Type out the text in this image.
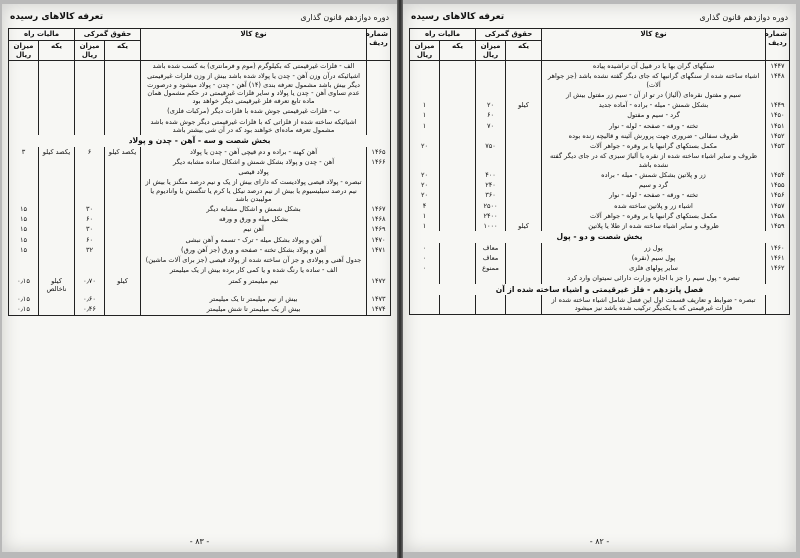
دوره دوازدهم قانون گذاری
تعرفه کالاهای رسیده
شماره ردیف	نوع کالا	حقوق گمرکی		مالیات راه	
		یکه	میزان ریال	یکه	میزان ریال
	الف - فلزات غیرقیمتی که بکیلوگرم (موم و فرمانتری) به کسب شده باشد				
	اشیائیکه درآن وزن آهن - چدن یا پولاد شده باشد بیش از وزن فلزات غیرقیمتی دیگر بیش باشد مشمول تعرفه بندی (۱۴) آهن - چدن - پولاد میشود و درصورت عدم تساوی آهن - چدن یا پولاد و سایر فلزات غیرقیمتی در حکم مشمول همان ماده تابع تعرفه فلز غیرقیمتی دیگر خواهد بود				
	ب - فلزات غیرقیمتی جوش شده با فلزات دیگر (مرکبات فلزی)				
	اشیائیکه ساخته شده از فلزاتی که با فلزات غیرقیمتی دیگر جوش شده باشد مشمول تعرفه ماده‌ای خواهند بود که در آن شی بیشتر باشد				
بخش شصت و سه - آهن - چدن و پولاد					
۱۴۶۵	آهن کهنه - براده و دم قیچی آهن - چدن یا پولاد	یکصد کیلو	۶	یکصد کیلو	۳
۱۴۶۶	آهن - چدن و پولاد بشکل شمش و اشکال ساده مشابه دیگر				
	پولاد قیصی				
	تبصره - پولاد قیصی پولادیست که دارای بیش از یک و نیم درصد منگنز یا بیش از نیم درصد سیلیسیوم یا بیش از نیم درصد نیکل یا کرم یا تنگستن یا وانادیوم یا مولیبدن باشد				
۱۴۶۷	بشکل شمش و اشکال مشابه دیگر		۳۰		۱۵
۱۴۶۸	بشکل میله و ورق و ورقه		۶۰		۱۵
۱۴۶۹	آهن نیم		۳۰		۱۵
۱۴۷۰	آهن و پولاد بشکل میله - ترک - تسمه و آهن نبشی		۶۰		۱۵
۱۴۷۱	آهن و پولاد بشکل تخته - صفحه و ورق (جز آهن ورق)		۳۲		۱۵
	جدول آهنی و پولادی و جز آن ساخته شده از پولاد قیصی (جز برای آلات ماشین)				
	الف - ساده یا رنگ شده و یا کمی کار برده بیش از یک میلیمتر				
۱۴۷۲	نیم میلیمتر و کمتر	کیلو	۰٫۷۰	کیلو ناخالص	۰٫۱۵
۱۴۷۳	بیش از نیم میلیمتر تا یک میلیمتر		۰٫۶۰		۰٫۱۵
۱۴۷۴	بیش از یک میلیمتر تا شش میلیمتر		۰٫۴۶		۰٫۱۵
- ۸۳ -
دوره دوازدهم قانون گذاری
تعرفه کالاهای رسیده
شماره ردیف	نوع کالا	حقوق گمرکی		مالیات راه	
		یکه	میزان ریال	یکه	میزان ریال
۱۴۴۷	سنگهای گران بها یا در قبیل آن تراشیده پیاده				
۱۴۴۸	اشیاء ساخته شده از سنگهای گرانبها که جای دیگر گفته نشده باشد (جز جواهر آلات)				
	سیم و مفتول نقره‌ای (آلیاژ) در تو از آن - سیم زر مفتول بیش از				
۱۴۴۹	بشکل شمش - میله - براده - آماده جدید	کیلو	۲۰		۱
۱۴۵۰	گرد - سیم و مفتول		۶۰		۱
۱۴۵۱	تخته - ورقه - صفحه - لوله - نوار		۷۰		۱
۱۴۵۲	ظروف سفالی - ضروری جهت پرورش آئینه و قالیچه زنده بوده				
۱۴۵۳	مکمل بستکهای گرانبها یا بر وقره - جواهر آلات		۷۵۰		۲۰
	ظروف و سایر اشیاء ساخته شده از نقره یا آلیاژ سبزی که در جای دیگر گفته نشده باشد				
۱۴۵۴	زر و پلاتین بشکل شمش - میله - براده		۴۰۰		۲۰
۱۴۵۵	گرد و سیم		۲۴۰		۲۰
۱۴۵۶	تخته - ورقه - صفحه - لوله - نوار		۳۶۰		۲۰
۱۴۵۷	اشیاء زر و پلاتین ساخته شده		۲۵۰۰		۴
۱۴۵۸	مکمل بستکهای گرانبها یا بر وقره - جواهر آلات		۲۴۰۰		۱
۱۴۵۹	ظروف و سایر اشیاء ساخته شده از طلا یا پلاتین	کیلو	۱۰۰۰		۱
بخش شصت و دو - پول					
۱۴۶۰	پول زر		معاف		۰
۱۴۶۱	پول سیم (نقره)		معاف		۰
۱۴۶۲	سایر پولهای فلزی		ممنوع		۰
	تبصره - پول سیم را جز با اجازه وزارت دارائی نمیتوان وارد کرد				
فصل پانزدهم - فلز غیرقیمتی و اشیاء ساخته شده از آن					
	تبصره - ضوابط و تعاریف قسمت اول این فصل شامل اشیاء ساخته شده از فلزات غیرقیمتی که با یکدیگر ترکیب شده باشد نیز میشود				
- ۸۲ -
